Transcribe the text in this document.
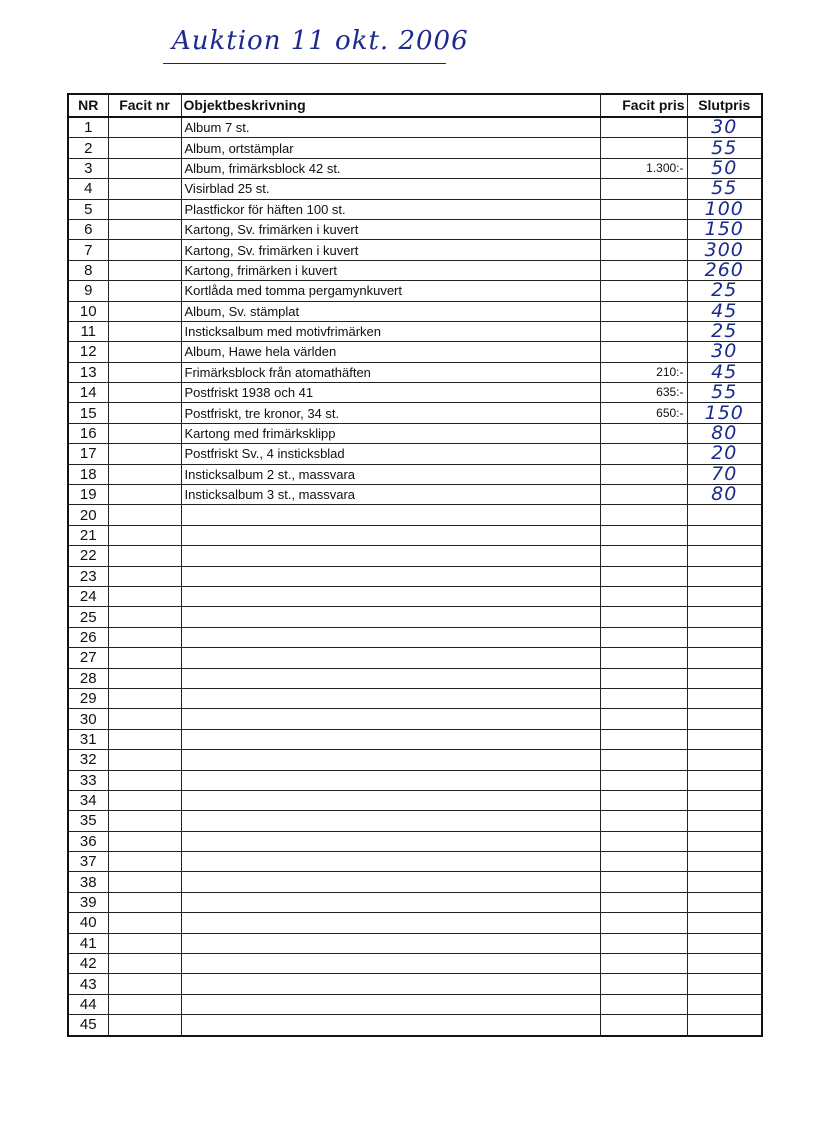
Auktion 11 okt. 2006
NR	Facit nr	Objektbeskrivning	Facit pris	Slutpris
1		Album 7 st.		30
2		Album, ortstämplar		55
3		Album, frimärksblock 42 st.	1.300:-	50
4		Visirblad 25 st.		55
5		Plastfickor för häften 100 st.		100
6		Kartong, Sv. frimärken i kuvert		150
7		Kartong, Sv. frimärken i kuvert		300
8		Kartong, frimärken i kuvert		260
9		Kortlåda med tomma pergamynkuvert		25
10		Album, Sv. stämplat		45
11		Insticksalbum med motivfrimärken		25
12		Album, Hawe hela världen		30
13		Frimärksblock från atomathäften	210:-	45
14		Postfriskt 1938 och 41	635:-	55
15		Postfriskt, tre kronor, 34 st.	650:-	150
16		Kartong med frimärksklipp		80
17		Postfriskt Sv., 4 insticksblad		20
18		Insticksalbum 2 st., massvara		70
19		Insticksalbum 3 st., massvara		80
20				
21				
22				
23				
24				
25				
26				
27				
28				
29				
30				
31				
32				
33				
34				
35				
36				
37				
38				
39				
40				
41				
42				
43				
44				
45				
